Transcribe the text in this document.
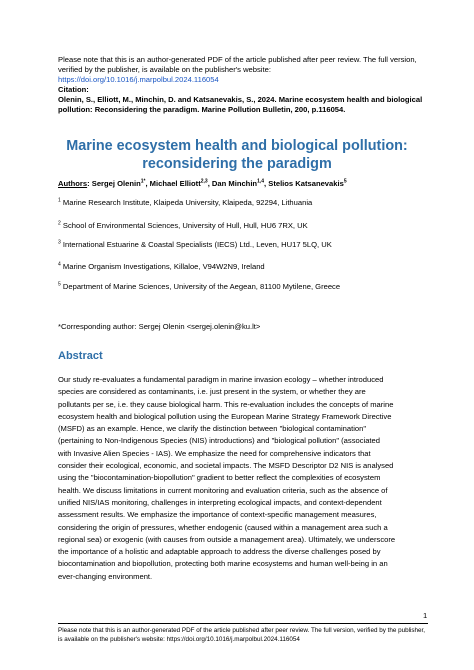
Please note that this is an author-generated PDF of the article published after peer review. The full version, verified by the publisher, is available on the publisher's website:
https://doi.org/10.1016/j.marpolbul.2024.116054
Citation:
Olenin, S., Elliott, M., Minchin, D. and Katsanevakis, S., 2024. Marine ecosystem health and biological pollution: Reconsidering the paradigm. Marine Pollution Bulletin, 200, p.116054.
Marine ecosystem health and biological pollution:
reconsidering the paradigm
Authors: Sergej Olenin$^{1*}$, Michael Elliott$^{2,3}$, Dan Minchin$^{1,4}$, Stelios Katsanevakis$^5$
$^1$ Marine Research Institute, Klaipeda University, Klaipeda, 92294, Lithuania
$^2$ School of Environmental Sciences, University of Hull, Hull, HU6 7RX, UK
$^3$ International Estuarine & Coastal Specialists (IECS) Ltd., Leven, HU17 5LQ, UK
$^4$ Marine Organism Investigations, Killaloe, V94W2N9, Ireland
$^5$ Department of Marine Sciences, University of the Aegean, 81100 Mytilene, Greece
*Corresponding author: Sergej Olenin <sergej.olenin@ku.lt>
Abstract
Our study re-evaluates a fundamental paradigm in marine invasion ecology – whether introduced
species are considered as contaminants, i.e. just present in the system, or whether they are
pollutants per se, i.e. they cause biological harm. This re-evaluation includes the concepts of marine
ecosystem health and biological pollution using the European Marine Strategy Framework Directive
(MSFD) as an example. Hence, we clarify the distinction between "biological contamination"
(pertaining to Non-Indigenous Species (NIS) introductions) and "biological pollution" (associated
with Invasive Alien Species - IAS). We emphasize the need for comprehensive indicators that
consider their ecological, economic, and societal impacts. The MSFD Descriptor D2 NIS is analysed
using the "biocontamination-biopollution" gradient to better reflect the complexities of ecosystem
health. We discuss limitations in current monitoring and evaluation criteria, such as the absence of
unified NIS/IAS monitoring, challenges in interpreting ecological impacts, and context-dependent
assessment results. We emphasize the importance of context-specific management measures,
considering the origin of pressures, whether endogenic (caused within a management area such a
regional sea) or exogenic (with causes from outside a management area). Ultimately, we underscore
the importance of a holistic and adaptable approach to address the diverse challenges posed by
biocontamination and biopollution, protecting both marine ecosystems and human well-being in an
ever-changing environment.
1
Please note that this is an author-generated PDF of the article published after peer review. The full version, verified by the publisher, is available on the publisher's website: https://doi.org/10.1016/j.marpolbul.2024.116054
